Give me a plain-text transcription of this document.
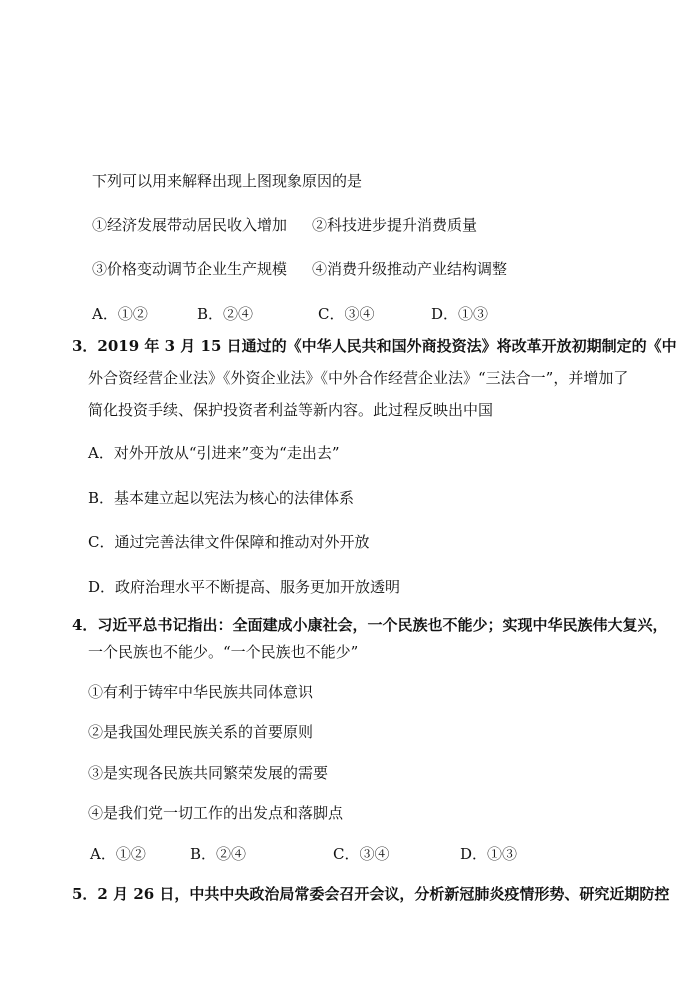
下列可以用来解释出现上图现象原因的是
①经济发展带动居民收入增加 ②科技进步提升消费质量
③价格变动调节企业生产规模 ④消费升级推动产业结构调整
A．①②	B．②④	C．③④	D．①③
3．2019 年 3 月 15 日通过的《中华人民共和国外商投资法》将改革开放初期制定的《中
外合资经营企业法》《外资企业法》《中外合作经营企业法》“三法合一”，并增加了
简化投资手续、保护投资者利益等新内容。此过程反映出中国
A．对外开放从“引进来”变为“走出去”
B．基本建立起以宪法为核心的法律体系
C．通过完善法律文件保障和推动对外开放
D．政府治理水平不断提高、服务更加开放透明
4．习近平总书记指出：全面建成小康社会，一个民族也不能少；实现中华民族伟大复兴，
一个民族也不能少。“一个民族也不能少”
①有利于铸牢中华民族共同体意识
②是我国处理民族关系的首要原则
③是实现各民族共同繁荣发展的需要
④是我们党一切工作的出发点和落脚点
A．①②	B．②④	C．③④	D．①③
5．2 月 26 日，中共中央政治局常委会召开会议，分析新冠肺炎疫情形势、研究近期防控
